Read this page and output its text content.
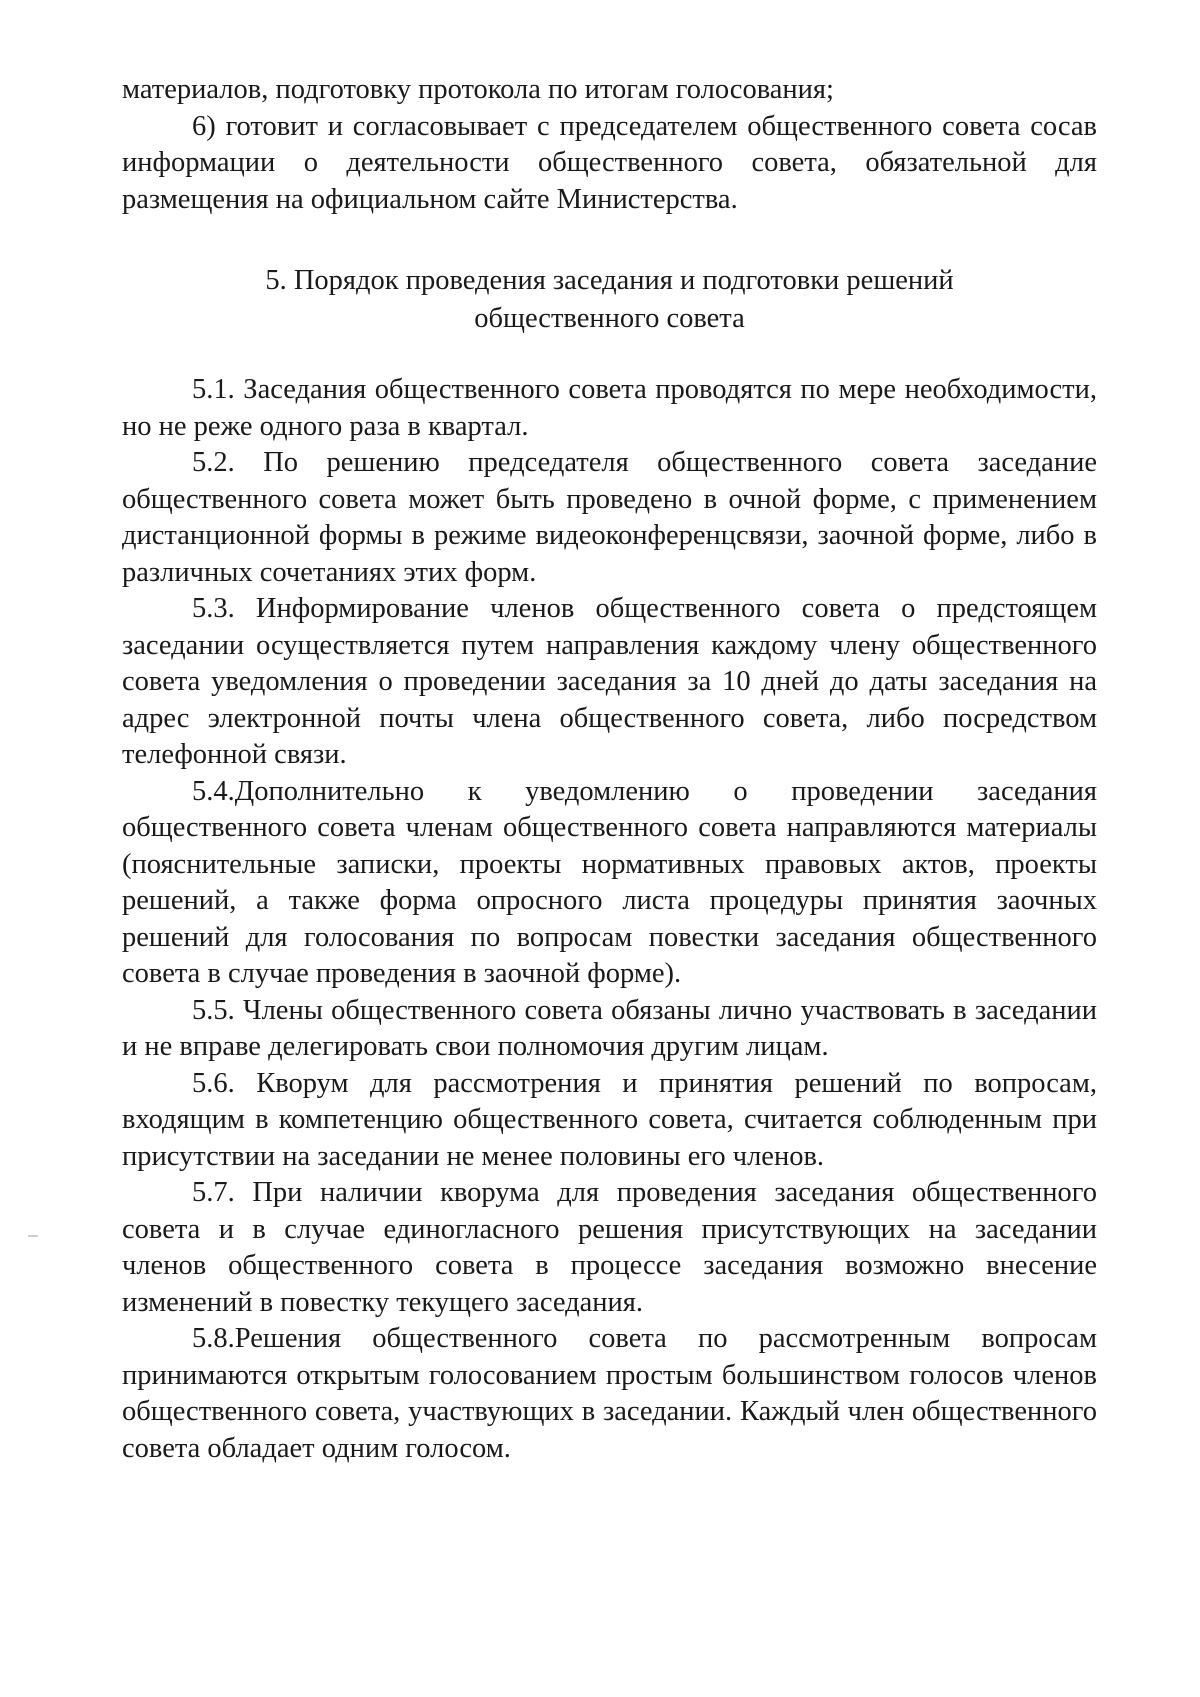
материалов, подготовку протокола по итогам голосования;

6) готовит и согласовывает с председателем общественного совета сосав информации о деятельности общественного совета, обязательной для размещения на официальном сайте Министерства.

5. Порядок проведения заседания и подготовки решений

общественного совета

5.1. Заседания общественного совета проводятся по мере необходимости, но не реже одного раза в квартал.

5.2. По решению председателя общественного совета заседание общественного совета может быть проведено в очной форме, с применением дистанционной формы в режиме видеоконференцсвязи, заочной форме, либо в различных сочетаниях этих форм.

5.3. Информирование членов общественного совета о предстоящем заседании осуществляется путем направления каждому члену общественного совета уведомления о проведении заседания за 10 дней до даты заседания на адрес электронной почты члена общественного совета, либо посредством телефонной связи.

5.4.Дополнительно к уведомлению о проведении заседания общественного совета членам общественного совета направляются материалы (пояснительные записки, проекты нормативных правовых актов, проекты решений, а также форма опросного листа процедуры принятия заочных решений для голосования по вопросам повестки заседания общественного совета в случае проведения в заочной форме).

5.5. Члены общественного совета обязаны лично участвовать в заседании и не вправе делегировать свои полномочия другим лицам.

5.6. Кворум для рассмотрения и принятия решений по вопросам, входящим в компетенцию общественного совета, считается соблюденным при присутствии на заседании не менее половины его членов.

5.7. При наличии кворума для проведения заседания общественного совета и в случае единогласного решения присутствующих на заседании членов общественного совета в процессе заседания возможно внесение изменений в повестку текущего заседания.

5.8.Решения общественного совета по рассмотренным вопросам принимаются открытым голосованием простым большинством голосов членов общественного совета, участвующих в заседании. Каждый член общественного совета обладает одним голосом.
